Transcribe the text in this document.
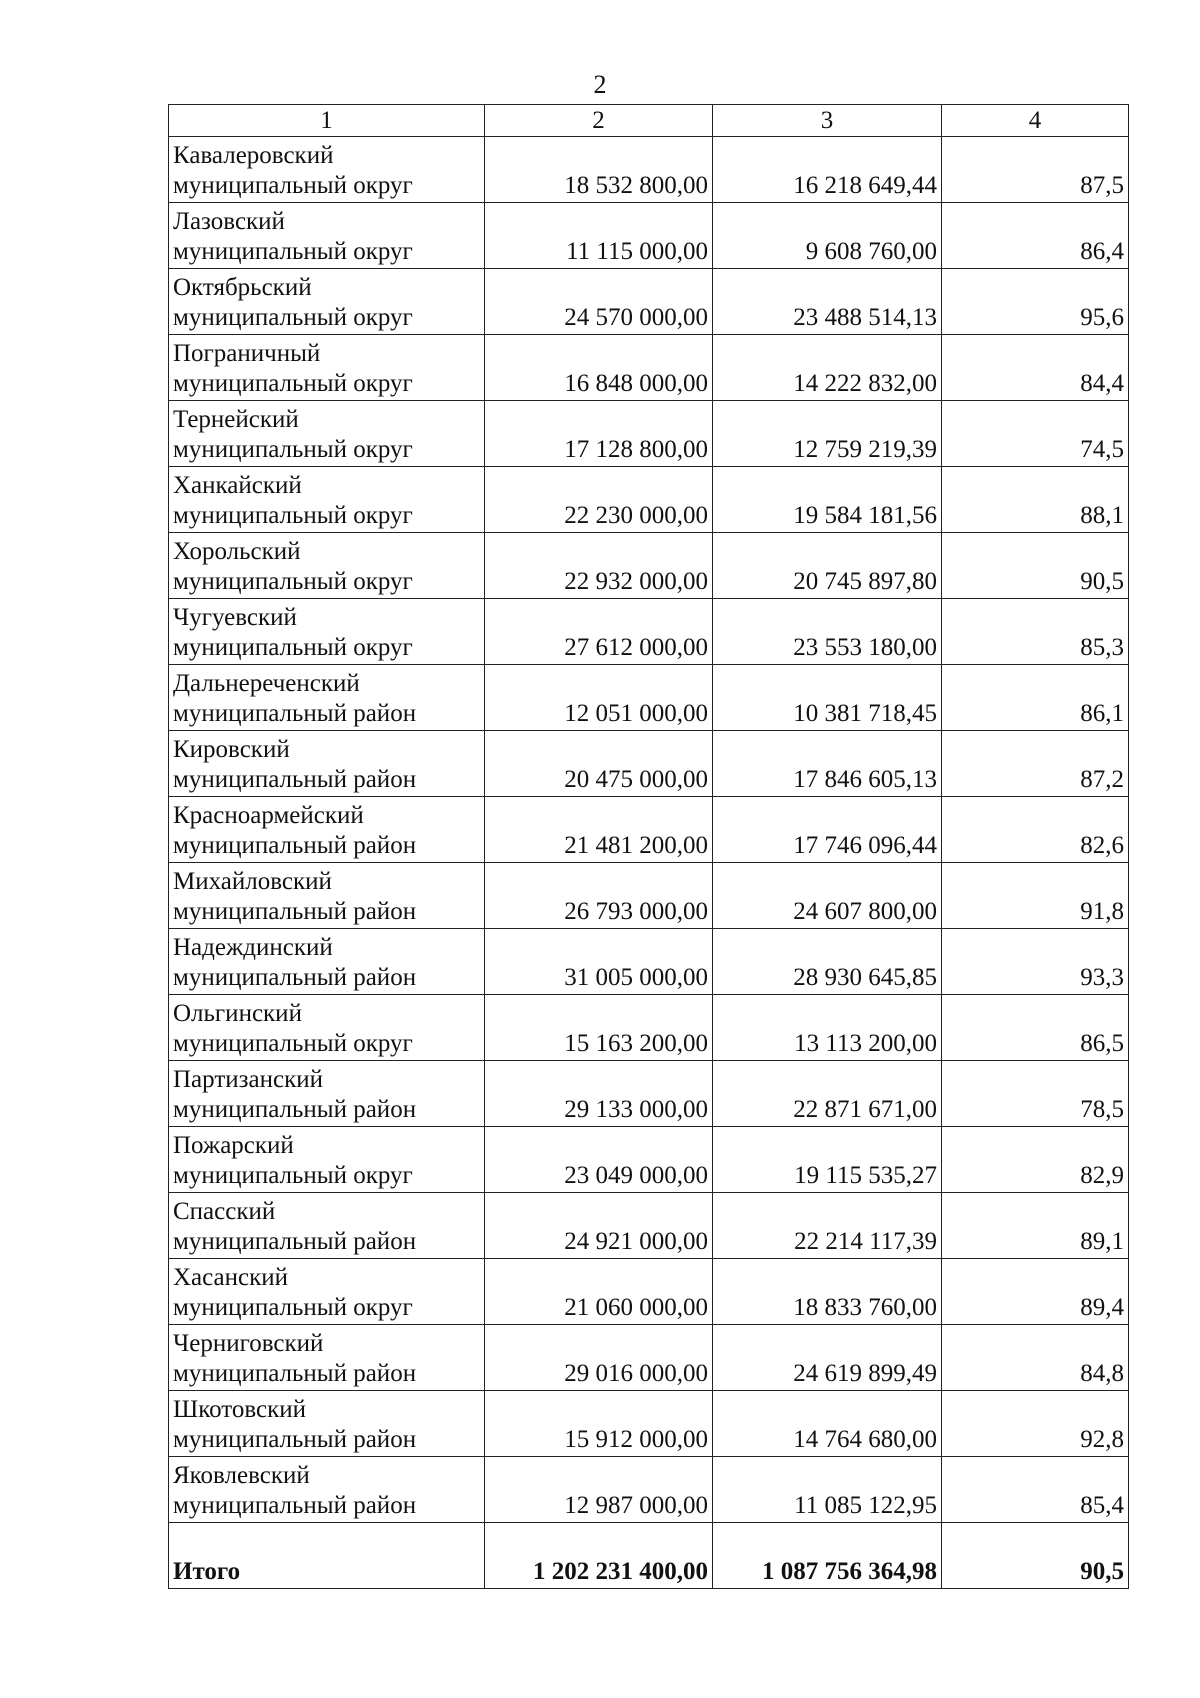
2
1	2	3	4

Кавалеровский
муниципальный округ	18 532 800,00	16 218 649,44	87,5

Лазовский
муниципальный округ	11 115 000,00	9 608 760,00	86,4

Октябрьский
муниципальный округ	24 570 000,00	23 488 514,13	95,6

Пограничный
муниципальный округ	16 848 000,00	14 222 832,00	84,4

Тернейский
муниципальный округ	17 128 800,00	12 759 219,39	74,5

Ханкайский
муниципальный округ	22 230 000,00	19 584 181,56	88,1

Хорольский
муниципальный округ	22 932 000,00	20 745 897,80	90,5

Чугуевский
муниципальный округ	27 612 000,00	23 553 180,00	85,3

Дальнереченский
муниципальный район	12 051 000,00	10 381 718,45	86,1

Кировский
муниципальный район	20 475 000,00	17 846 605,13	87,2

Красноармейский
муниципальный район	21 481 200,00	17 746 096,44	82,6

Михайловский
муниципальный район	26 793 000,00	24 607 800,00	91,8

Надеждинский
муниципальный район	31 005 000,00	28 930 645,85	93,3

Ольгинский
муниципальный округ	15 163 200,00	13 113 200,00	86,5

Партизанский
муниципальный район	29 133 000,00	22 871 671,00	78,5

Пожарский
муниципальный округ	23 049 000,00	19 115 535,27	82,9

Спасский
муниципальный район	24 921 000,00	22 214 117,39	89,1

Хасанский
муниципальный округ	21 060 000,00	18 833 760,00	89,4

Черниговский
муниципальный район	29 016 000,00	24 619 899,49	84,8

Шкотовский
муниципальный район	15 912 000,00	14 764 680,00	92,8

Яковлевский
муниципальный район	12 987 000,00	11 085 122,95	85,4
Итого	1 202 231 400,00	1 087 756 364,98	90,5
